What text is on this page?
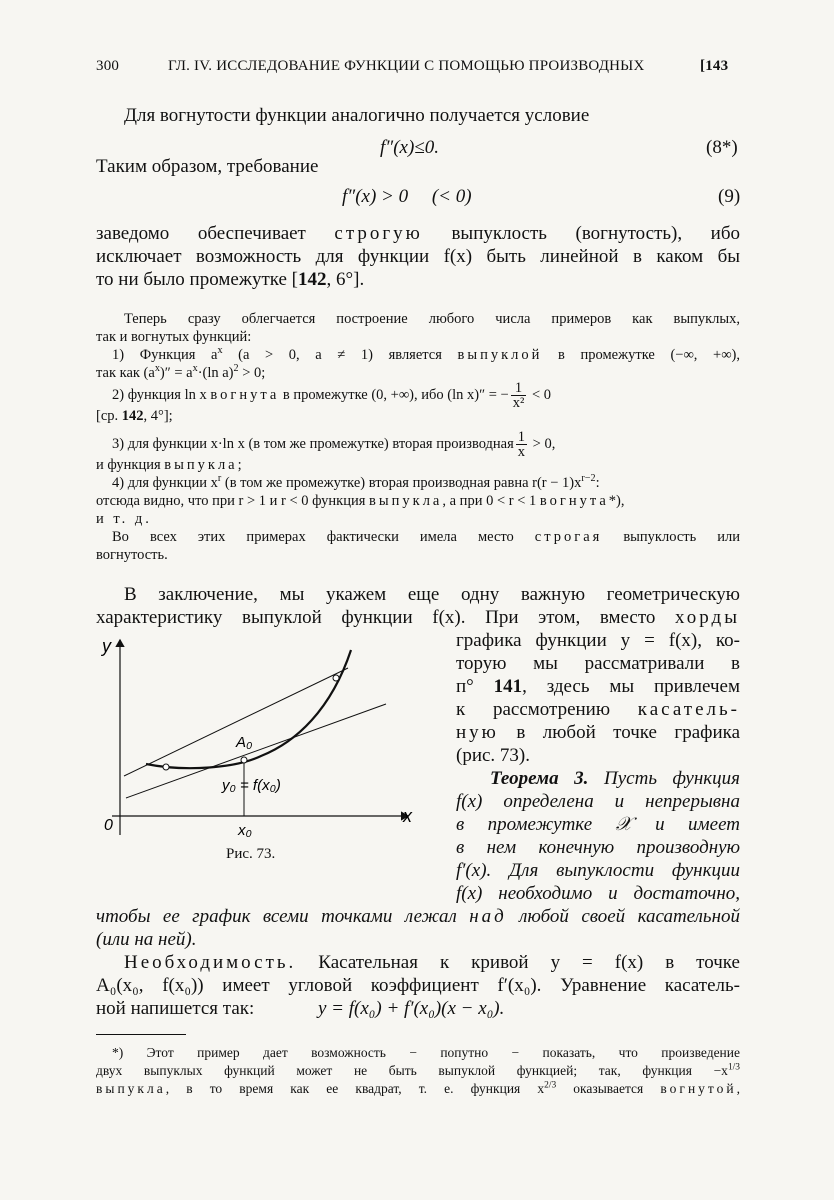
300	ГЛ. IV. ИССЛЕДОВАНИЕ ФУНКЦИИ С ПОМОЩЬЮ ПРОИЗВОДНЫХ	[143
Для вогнутости функции аналогично получается условие
f″(x)≤0.	(8*)
Таким образом, требование
f″(x) > 0     (< 0)	(9)
заведомо обеспечивает строгую выпуклость (вогнутость), ибо
исключает возможность для функции f(x) быть линейной в каком бы
то ни было промежутке [142, 6°].
Теперь сразу облегчается построение любого числа примеров как выпуклых,
так и вогнутых функций:
1) Функция $a^x$ (a > 0, a ≠ 1) является выпуклой в промежутке (−∞, +∞),
так как $(a^x)'' = a^x\cdot(\ln$ a)$^2$ > 0;
2) функция ln x вогнута в промежутке (0, +∞), ибо (ln x)″ = − $\frac{1}{\text{x²}} < 0$
[ср. 142, 4°];
3) для функции x·ln x (в том же промежутке) вторая производная $\frac{1}{x} > 0$,
и функция выпукла;
4) для функции $x^r$ (в том же промежутке) вторая производная равна $r(r - 1)x^{r-2}$:
отсюда видно, что при r > 1 и r < 0 функция выпукла, а при 0 < r < 1 вогнута*),
и т. д.
Во всех этих примерах фактически имела место строгая выпуклость или
вогнутость.
В заключение, мы укажем еще одну важную геометрическую
характеристику выпуклой функции f(x). При этом, вместо хорды
графика функции y = f(x), ко-
торую мы рассматривали в
п° 141, здесь мы привлечем
к рассмотрению касатель-
ную в любой точке графика
(рис. 73).
Теорема 3. Пусть функция
f(x) определена и непрерывна
в промежутке 𝒳 и имеет
в нем конечную производную
f′(x). Для выпуклости функции
f(x) необходимо и достаточно,
чтобы ее график всеми точками лежал над любой своей касательной
(или на ней).
Необходимость. Касательная к кривой y = f(x) в точке
A₀(x₀, f(x₀)) имеет угловой коэффициент f′(x₀). Уравнение касатель-
ной напишется так:	y = f(x₀) + f′(x₀)(x − x₀).
y
x
0
A₀
y₀ = f(x₀)
x₀
Рис. 73.
*) Этот пример дает возможность − попутно − показать, что произведение
двух выпуклых функций может не быть выпуклой функцией; так, функция $-x^{1/3}$
выпукла, в то время как ее квадрат, т. е. функция $x^{2/3}$ оказывается вогнутой,
